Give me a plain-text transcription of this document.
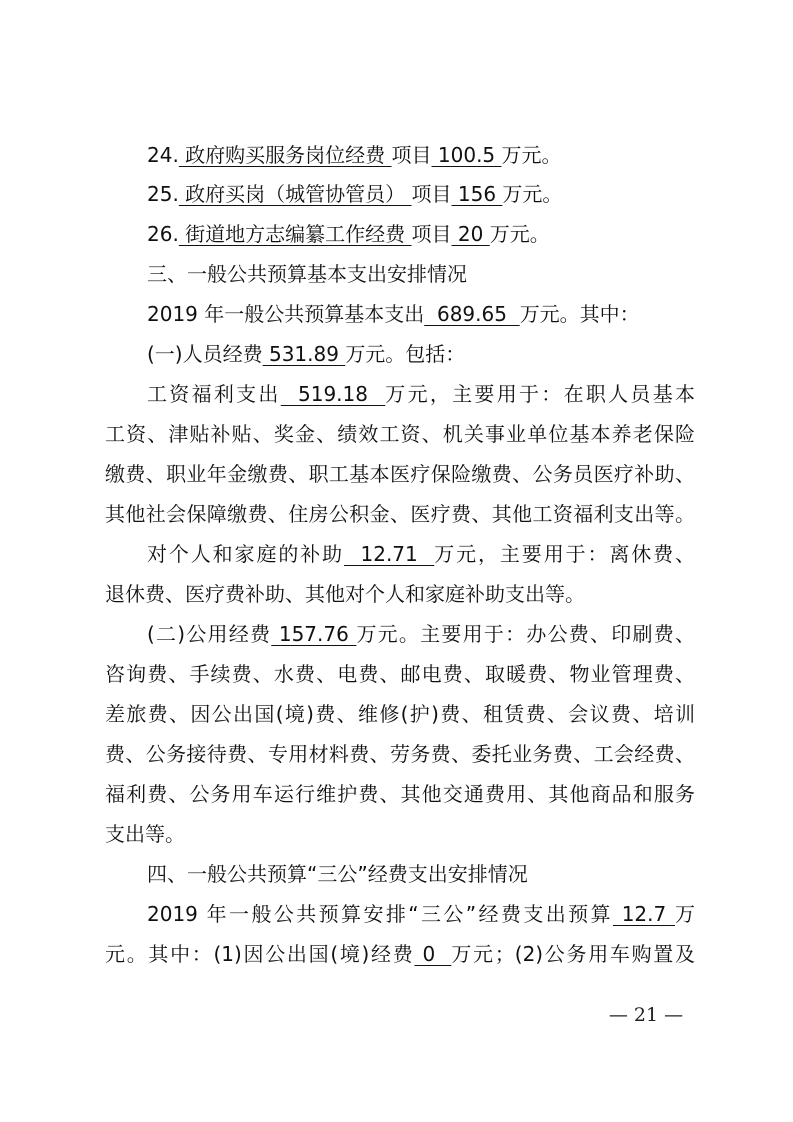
24. 政府购买服务岗位经费 项目 100.5 万元。
25. 政府买岗（城管协管员） 项目 156 万元。
26. 街道地方志编纂工作经费 项目 20 万元。
三、一般公共预算基本支出安排情况
2019 年一般公共预算基本支出  689.65  万元。其中：
(一)人员经费 531.89 万元。包括：
工资福利支出  519.18  万元，主要用于：在职人员基本
工资、津贴补贴、奖金、绩效工资、机关事业单位基本养老保险
缴费、职业年金缴费、职工基本医疗保险缴费、公务员医疗补助、
其他社会保障缴费、住房公积金、医疗费、其他工资福利支出等。
对个人和家庭的补助  12.71  万元，主要用于：离休费、
退休费、医疗费补助、其他对个人和家庭补助支出等。
(二)公用经费 157.76 万元。主要用于：办公费、印刷费、
咨询费、手续费、水费、电费、邮电费、取暖费、物业管理费、
差旅费、因公出国(境)费、维修(护)费、租赁费、会议费、培训
费、公务接待费、专用材料费、劳务费、委托业务费、工会经费、
福利费、公务用车运行维护费、其他交通费用、其他商品和服务
支出等。
四、一般公共预算“三公”经费支出安排情况
2019 年一般公共预算安排“三公”经费支出预算 12.7 万
元。其中：(1)因公出国(境)经费 0  万元；(2)公务用车购置及
— 21 —
